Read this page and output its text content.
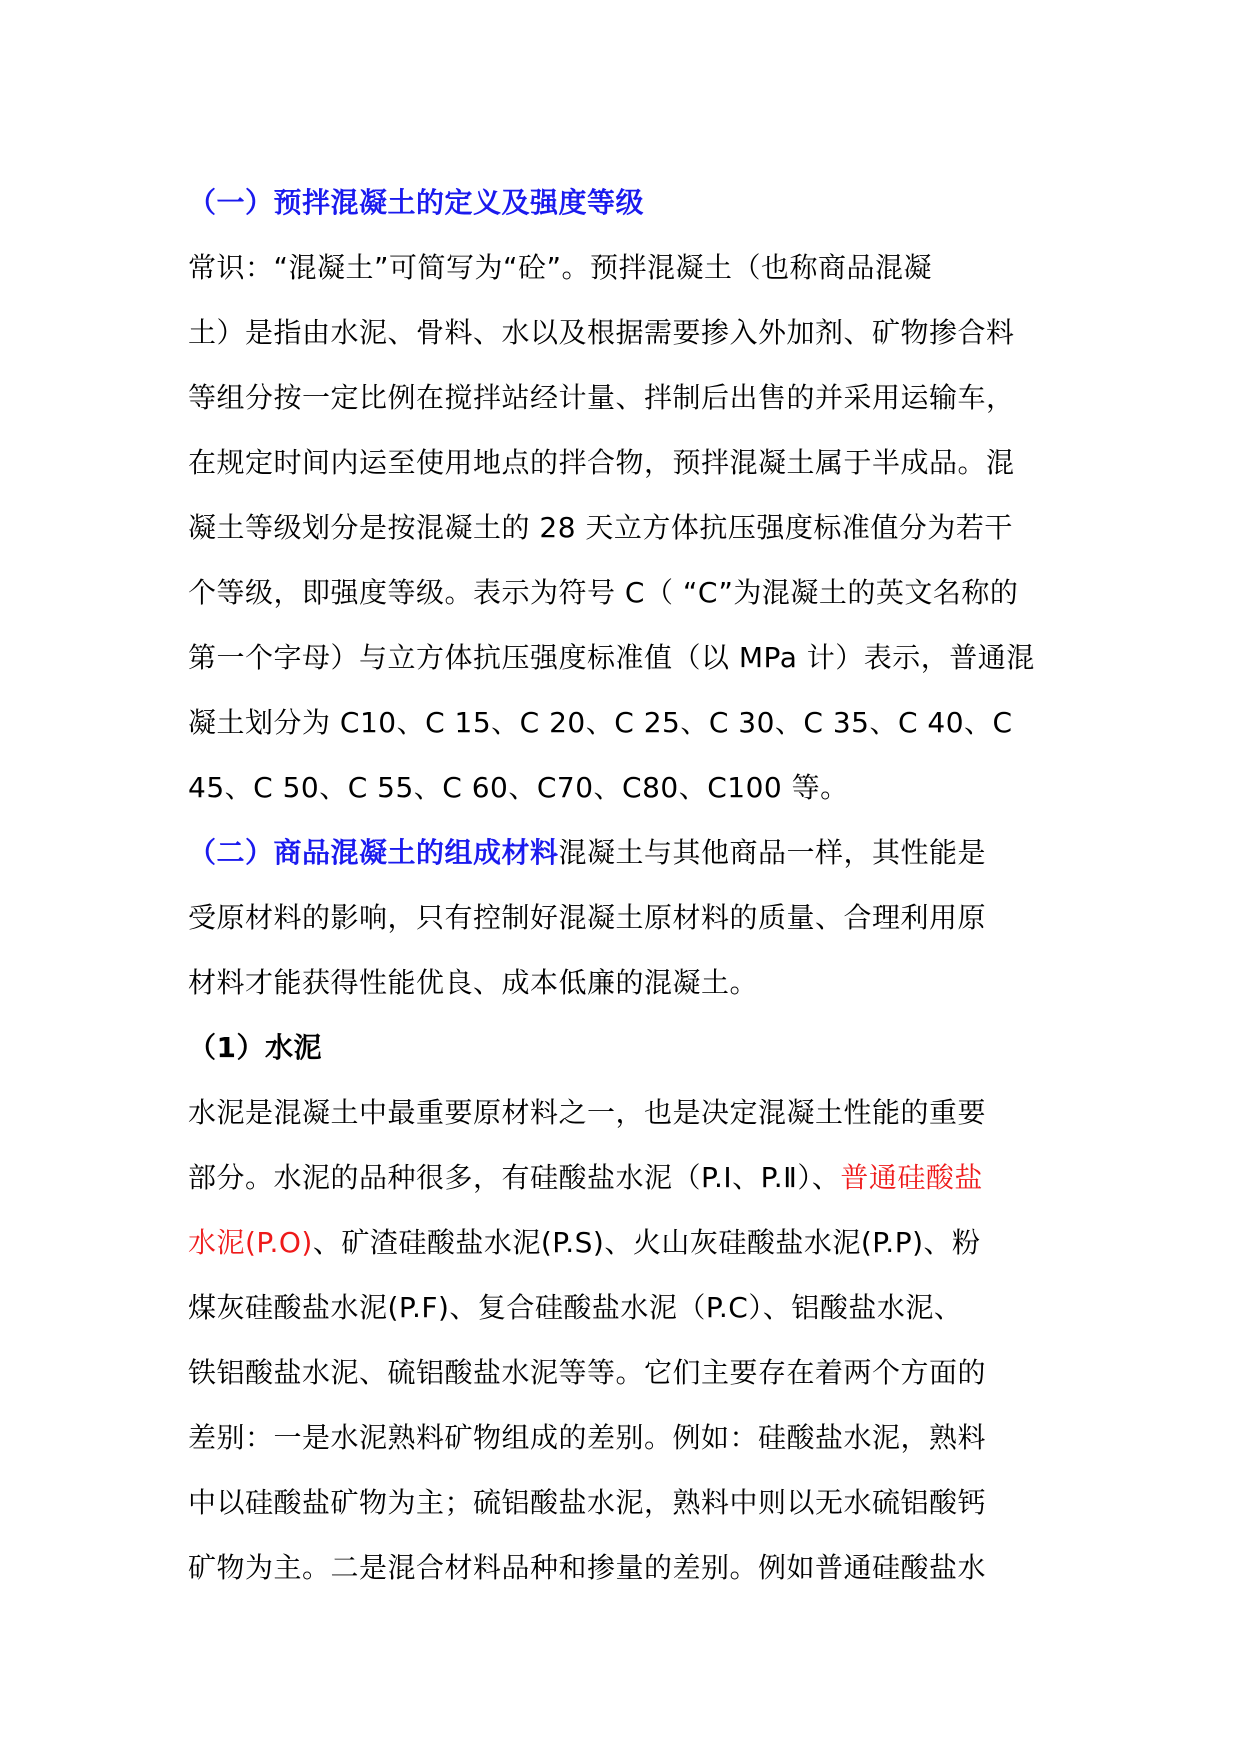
（一）预拌混凝土的定义及强度等级
常识：“混凝土”可简写为“砼”。预拌混凝土（也称商品混凝
土）是指由水泥、骨料、水以及根据需要掺入外加剂、矿物掺合料
等组分按一定比例在搅拌站经计量、拌制后出售的并采用运输车，
在规定时间内运至使用地点的拌合物，预拌混凝土属于半成品。混
凝土等级划分是按混凝土的 28 天立方体抗压强度标准值分为若干
个等级，即强度等级。表示为符号 C（ “C”为混凝土的英文名称的
第一个字母）与立方体抗压强度标准值（以 MPa 计）表示，普通混
凝土划分为 C10、C 15、C 20、C 25、C 30、C 35、C 40、C
45、C 50、C 55、C 60、C70、C80、C100 等。
（二）商品混凝土的组成材料混凝土与其他商品一样，其性能是
受原材料的影响，只有控制好混凝土原材料的质量、合理利用原
材料才能获得性能优良、成本低廉的混凝土。
（1）水泥
水泥是混凝土中最重要原材料之一，也是决定混凝土性能的重要
部分。水泥的品种很多，有硅酸盐水泥（P.I、P.Ⅱ）、普通硅酸盐
水泥(P.O)、矿渣硅酸盐水泥(P.S)、火山灰硅酸盐水泥(P.P)、粉
煤灰硅酸盐水泥(P.F)、复合硅酸盐水泥（P.C）、铝酸盐水泥、
铁铝酸盐水泥、硫铝酸盐水泥等等。它们主要存在着两个方面的
差别：一是水泥熟料矿物组成的差别。例如：硅酸盐水泥，熟料
中以硅酸盐矿物为主；硫铝酸盐水泥，熟料中则以无水硫铝酸钙
矿物为主。二是混合材料品种和掺量的差别。例如普通硅酸盐水
